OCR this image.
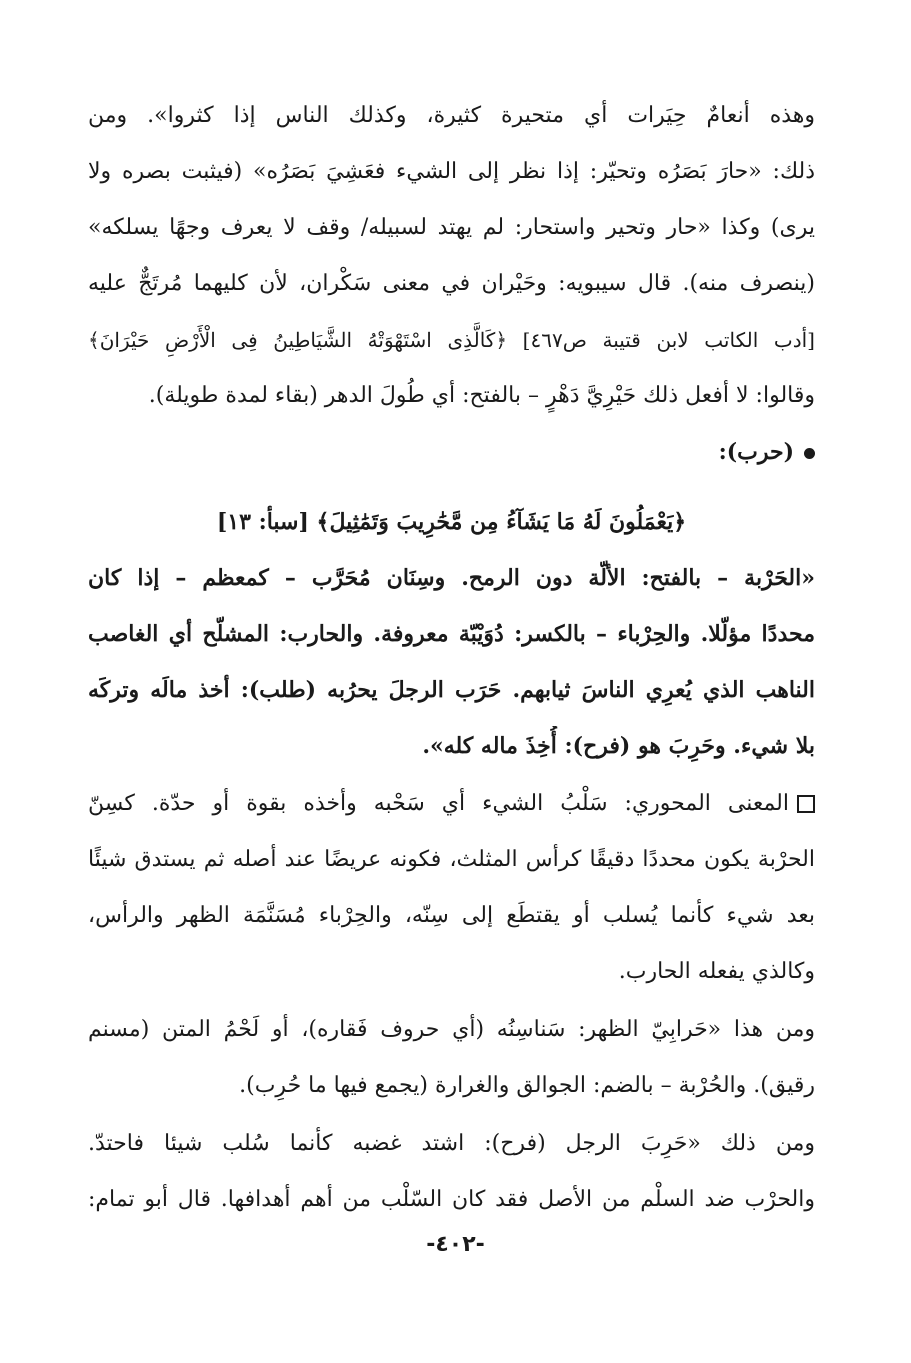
وهذه أنعامٌ حِيَرات أي متحيرة كثيرة، وكذلك الناس إذا كثروا». ومن
ذلك: «حارَ بَصَرُه وتحيّر: إذا نظر إلى الشيء فعَشِيَ بَصَرُه» (فيثبت بصره ولا
يرى) وكذا «حار وتحير واستحار: لم يهتد لسبيله/ وقف لا يعرف وجهًا يسلكه»
(ينصرف منه). قال سيبويه: وحَيْران في معنى سَكْران، لأن كليهما مُرتَجٌّ عليه
[أدب الكاتب لابن قتيبة ص٤٦٧] ﴿كَالَّذِى اسْتَهْوَتْهُ الشَّيَاطِينُ فِى الْأَرْضِ حَيْرَانَ﴾
وقالوا: لا أفعل ذلك حَيْرِيَّ دَهْرٍ – بالفتح: أي طُولَ الدهر (بقاء لمدة طويلة).
(حرب):
﴿يَعْمَلُونَ لَهُ مَا يَشَآءُ مِن مَّحَٰرِيبَ وَتَمَٰثِيلَ﴾ [سبأ: ١٣]
«الحَرْبة – بالفتح: الألّة دون الرمح. وسِنَان مُحَرَّب – كمعظم – إذا كان
محددًا مؤلّلا. والحِرْباء – بالكسر: دُوَيْبّة معروفة. والحارب: المشلّح أي الغاصب
الناهب الذي يُعرِي الناسَ ثيابهم. حَرَب الرجلَ يحرُبه (طلب): أخذ مالَه وتركَه
بلا شيء. وحَرِبَ هو (فرح): أُخِذَ ماله كله».
المعنى المحوري: سَلْبُ الشيء أي سَحْبه وأخذه بقوة أو حدّة. كسِنّ
الحرْبة يكون محددًا دقيقًا كرأس المثلث، فكونه عريضًا عند أصله ثم يستدق شيئًا
بعد شيء كأنما يُسلب أو يقتطَع إلى سِنّه، والحِرْباء مُسَنَّمَة الظهر والرأس،
وكالذي يفعله الحارب.
ومن هذا «حَرابِيّ الظهر: سَناسِنُه (أي حروف فَقاره)، أو لَحْمُ المتن (مسنم
رقيق). والحُرْبة – بالضم: الجوالق والغرارة (يجمع فيها ما حُرِب).
ومن ذلك «حَرِبَ الرجل (فرح): اشتد غضبه كأنما سُلب شيئا فاحتدّ.
والحرْب ضد السلْم من الأصل فقد كان السّلْب من أهم أهدافها. قال أبو تمام:
-٤٠٢-
